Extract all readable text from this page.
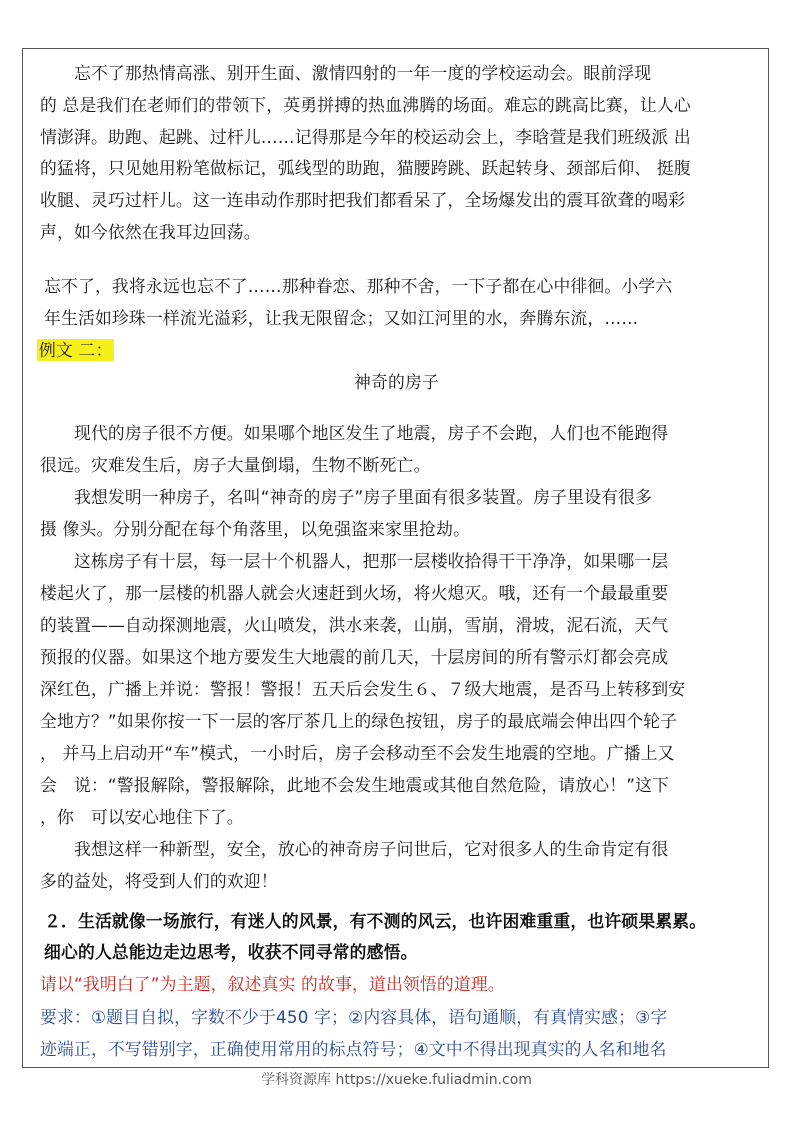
　　忘不了那热情高涨、别开生面、激情四射的一年一度的学校运动会。眼前浮现
的 总是我们在老师们的带领下，英勇拼搏的热血沸腾的场面。难忘的跳高比赛，让人心
情澎湃。助跑、起跳、过杆儿……记得那是今年的校运动会上，李晗萱是我们班级派 出
的猛将，只见她用粉笔做标记，弧线型的助跑，猫腰跨跳、跃起转身、颈部后仰、 挺腹
收腿、灵巧过杆儿。这一连串动作那时把我们都看呆了，全场爆发出的震耳欲聋的喝彩
声，如今依然在我耳边回荡。
忘不了，我将永远也忘不了……那种眷恋、那种不舍，一下子都在心中徘徊。小学六
年生活如珍珠一样流光溢彩，让我无限留念；又如江河里的水，奔腾东流，……
例文 二：
神奇的房子
　　现代的房子很不方便。如果哪个地区发生了地震，房子不会跑，人们也不能跑得
很远。灾难发生后，房子大量倒塌，生物不断死亡。
　　我想发明一种房子，名叫“神奇的房子”房子里面有很多装置。房子里设有很多
摄 像头。分别分配在每个角落里，以免强盗来家里抢劫。
　　这栋房子有十层，每一层十个机器人，把那一层楼收拾得干干净净，如果哪一层
楼起火了，那一层楼的机器人就会火速赶到火场，将火熄灭。哦，还有一个最最重要
的装置——自动探测地震，火山喷发，洪水来袭，山崩，雪崩，滑坡，泥石流，天气
预报的仪器。如果这个地方要发生大地震的前几天，十层房间的所有警示灯都会亮成
深红色，广播上并说：警报！警报！五天后会发生６、７级大地震，是否马上转移到安
全地方？”如果你按一下一层的客厅茶几上的绿色按钮，房子的最底端会伸出四个轮子
， 并马上启动开“车”模式，一小时后，房子会移动至不会发生地震的空地。广播上又
会　说：“警报解除，警报解除，此地不会发生地震或其他自然危险，请放心！”这下
，你　可以安心地住下了。
　　我想这样一种新型，安全，放心的神奇房子问世后，它对很多人的生命肯定有很
多的益处，将受到人们的欢迎！
２．生活就像一场旅行，有迷人的风景，有不测的风云，也许困难重重，也许硕果累累。
细心的人总能边走边思考，收获不同寻常的感悟。
请以“我明白了”为主题，叙述真实 的故事，道出领悟的道理。
要求：①题目自拟，字数不少于450 字；②内容具体，语句通顺，有真情实感；③字
迹端正，不写错别字，正确使用常用的标点符号；④文中不得出现真实的人名和地名
学科资源库 https://xueke.fuliadmin.com
